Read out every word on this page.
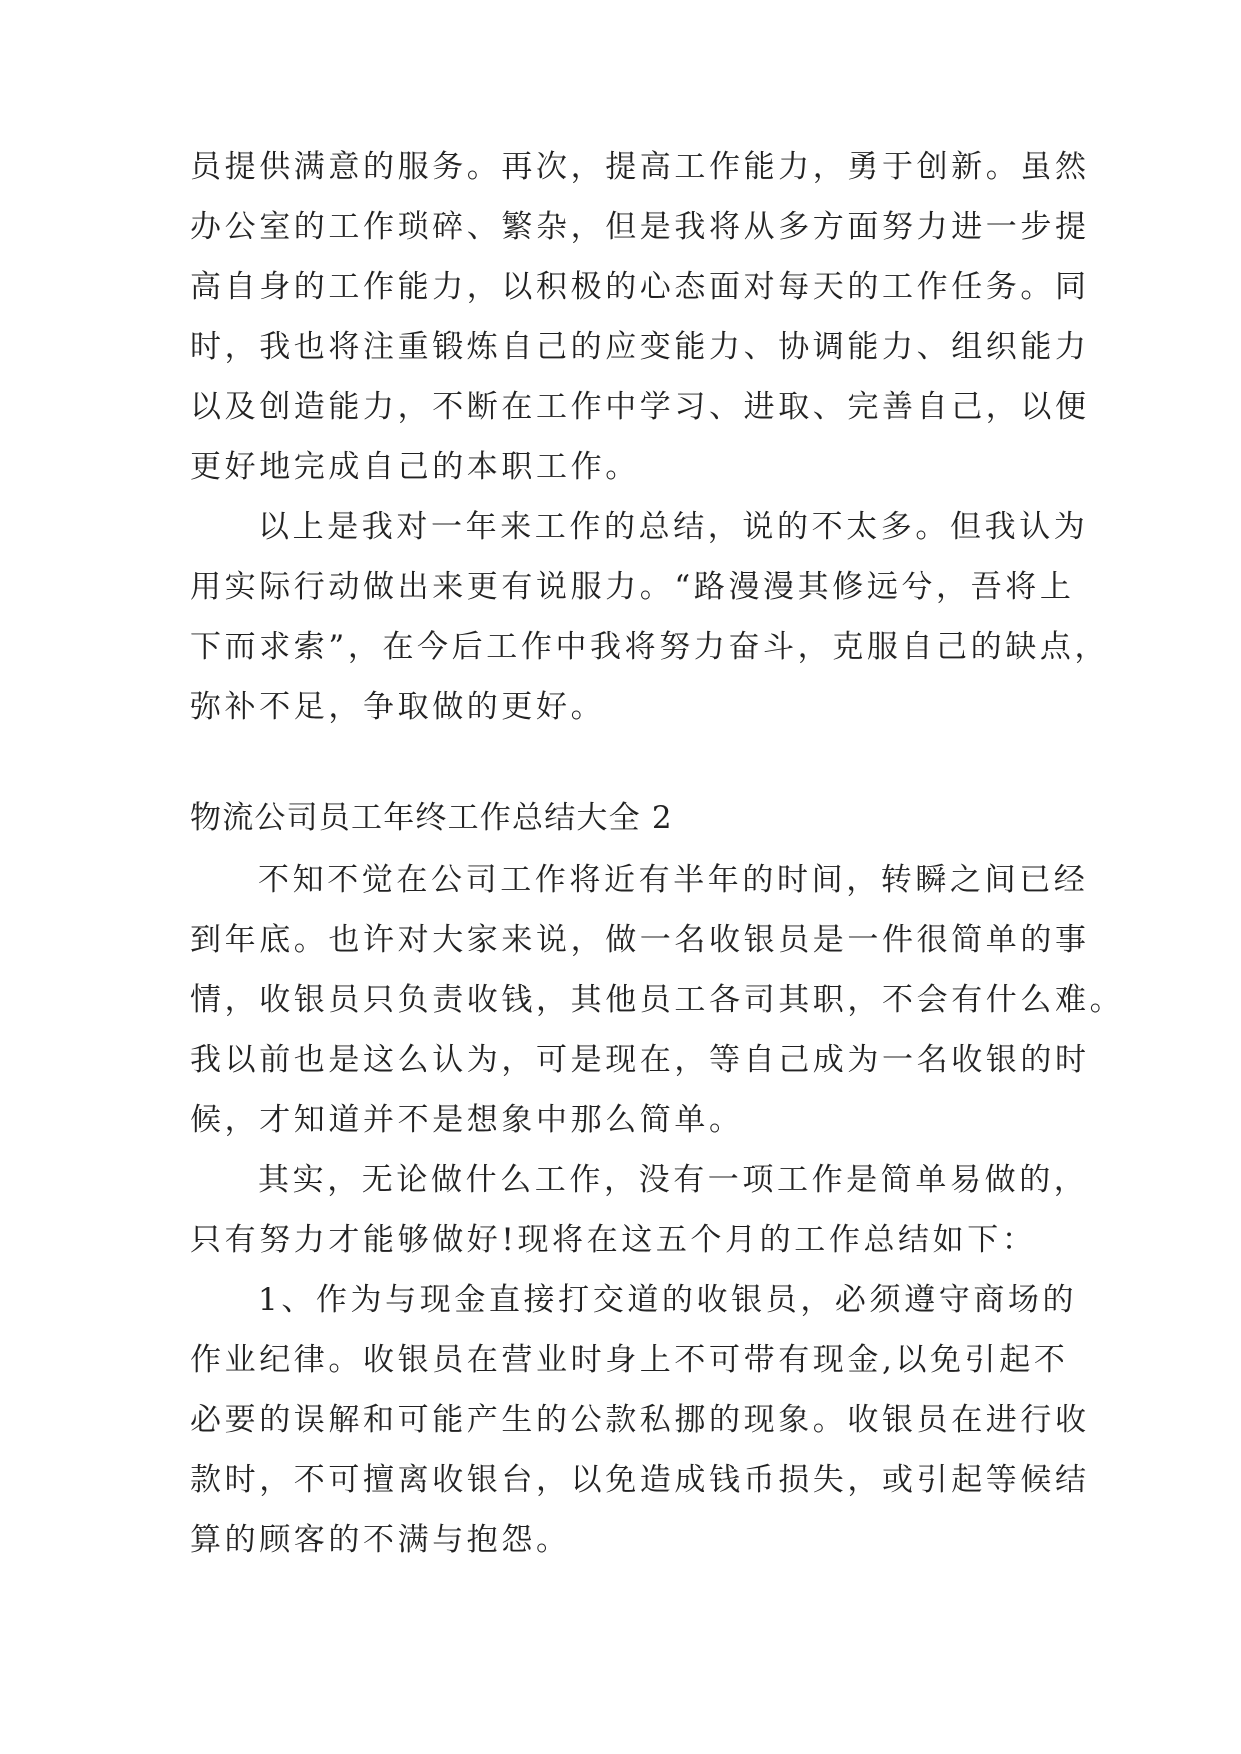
员提供满意的服务。再次，提高工作能力，勇于创新。虽然
办公室的工作琐碎、繁杂，但是我将从多方面努力进一步提
高自身的工作能力，以积极的心态面对每天的工作任务。同
时，我也将注重锻炼自己的应变能力、协调能力、组织能力
以及创造能力，不断在工作中学习、进取、完善自己，以便
更好地完成自己的本职工作。
以上是我对一年来工作的总结，说的不太多。但我认为
用实际行动做出来更有说服力。“路漫漫其修远兮，吾将上
下而求索”，在今后工作中我将努力奋斗，克服自己的缺点，
弥补不足，争取做的更好。
物流公司员工年终工作总结大全 2
不知不觉在公司工作将近有半年的时间，转瞬之间已经
到年底。也许对大家来说，做一名收银员是一件很简单的事
情，收银员只负责收钱，其他员工各司其职，不会有什么难。
我以前也是这么认为，可是现在，等自己成为一名收银的时
候，才知道并不是想象中那么简单。
其实，无论做什么工作，没有一项工作是简单易做的，
只有努力才能够做好!现将在这五个月的工作总结如下：
1、作为与现金直接打交道的收银员，必须遵守商场的
作业纪律。收银员在营业时身上不可带有现金,以免引起不
必要的误解和可能产生的公款私挪的现象。收银员在进行收
款时，不可擅离收银台，以免造成钱币损失，或引起等候结
算的顾客的不满与抱怨。
